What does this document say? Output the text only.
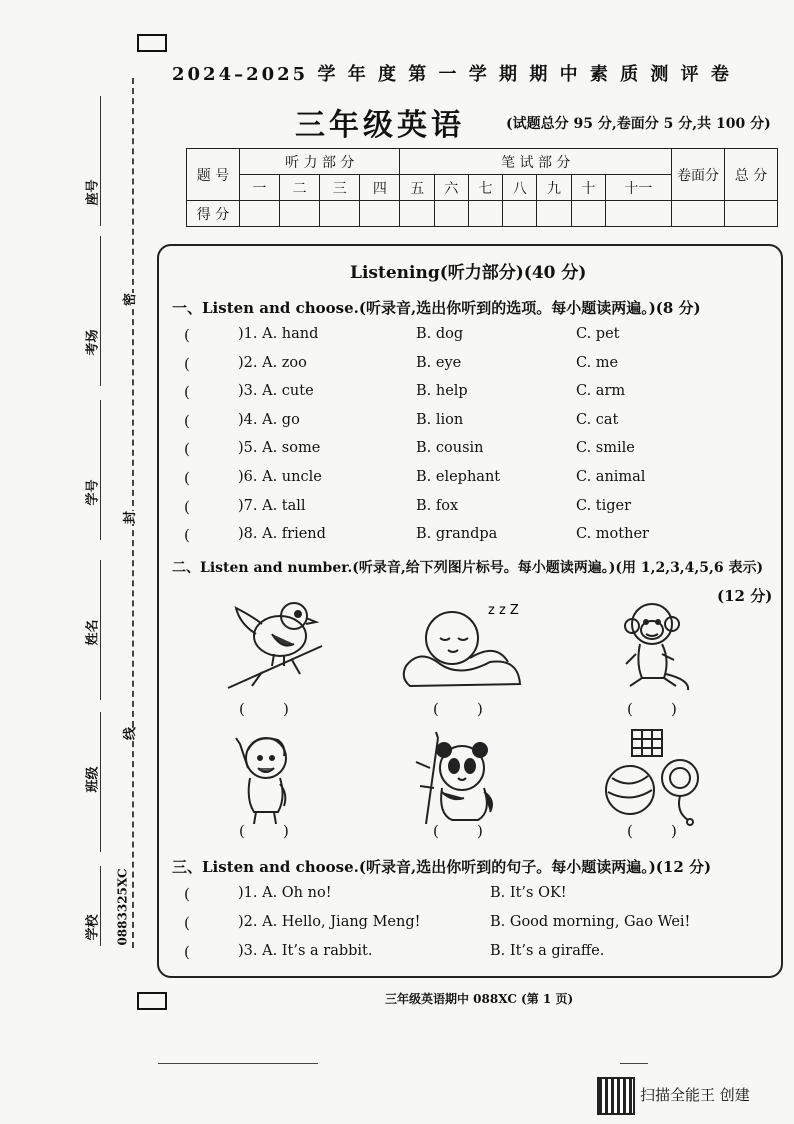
座号
考场
学号
姓名
班级
学校
密
封
线
0883325XC
2024–2025 学 年 度 第 一 学 期 期 中 素 质 测 评 卷
三年级英语	(试题总分 95 分,卷面分 5 分,共 100 分)
题 号	听 力 部 分				笔 试 部 分							卷面分	总 分
	一	二	三	四	五	六	七	八	九	十	十一		
得 分													
Listening(听力部分)(40 分)
一、Listen and choose.(听录音,选出你听到的选项。每小题读两遍。)(8 分)
(	)1. A. hand	B. dog	C. pet
(	)2. A. zoo	B. eye	C. me
(	)3. A. cute	B. help	C. arm
(	)4. A. go	B. lion	C. cat
(	)5. A. some	B. cousin	C. smile
(	)6. A. uncle	B. elephant	C. animal
(	)7. A. tall	B. fox	C. tiger
(	)8. A. friend	B. grandpa	C. mother
二、Listen and number.(听录音,给下列图片标号。每小题读两遍。)(用 1,2,3,4,5,6 表示)
(12 分)
z z Z
(        )	(        )	(        )
(        )	(        )	(        )
三、Listen and choose.(听录音,选出你听到的句子。每小题读两遍。)(12 分)
(	)1. A. Oh no!	B. It’s OK!
(	)2. A. Hello, Jiang Meng!	B. Good morning, Gao Wei!
(	)3. A. It’s a rabbit.	B. It’s a giraffe.
三年级英语期中 088XC (第 1 页)
扫描全能王 创建
